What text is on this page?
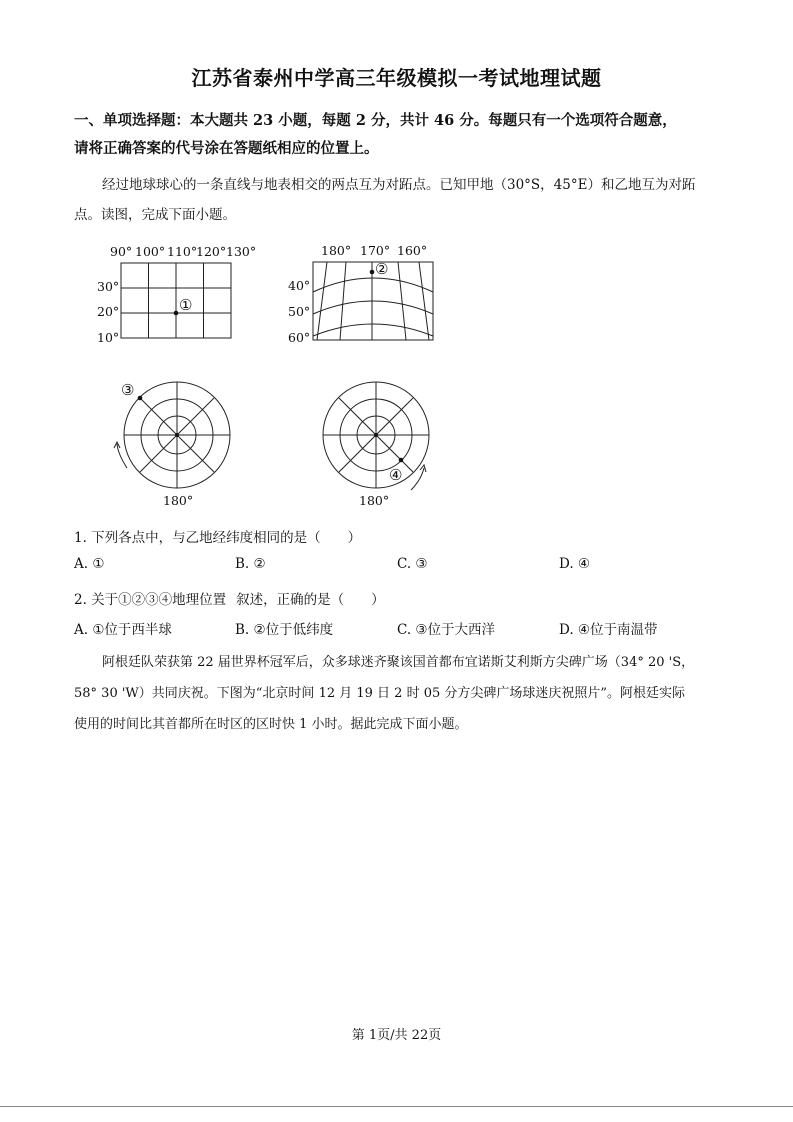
江苏省泰州中学高三年级模拟一考试地理试题
一、单项选择题：本大题共 23 小题，每题 2 分，共计 46 分。每题只有一个选项符合题意，
请将正确答案的代号涂在答题纸相应的位置上。
经过地球球心的一条直线与地表相交的两点互为对跖点。已知甲地（30°S，45°E）和乙地互为对跖
点。读图，完成下面小题。
90° 100° 110°
120° 130°
30°
20°
10°
①
180° 170° 160°
40°
50°
60°
②
③
180°
④
180°
1. 下列各点中，与乙地经纬度相同的是（　　）
A. ①	B. ②	C. ③	D. ④
2. 关于①②③④地理位置 叙述，正确的是（　　）
A. ①位于西半球	B. ②位于低纬度	C. ③位于大西洋	D. ④位于南温带
阿根廷队荣获第 22 届世界杯冠军后，众多球迷齐聚该国首都布宜诺斯艾利斯方尖碑广场（34° 20 'S，
58° 30 'W）共同庆祝。下图为“北京时间 12 月 19 日 2 时 05 分方尖碑广场球迷庆祝照片”。阿根廷实际
使用的时间比其首都所在时区的区时快 1 小时。据此完成下面小题。
第 1页/共 22页
